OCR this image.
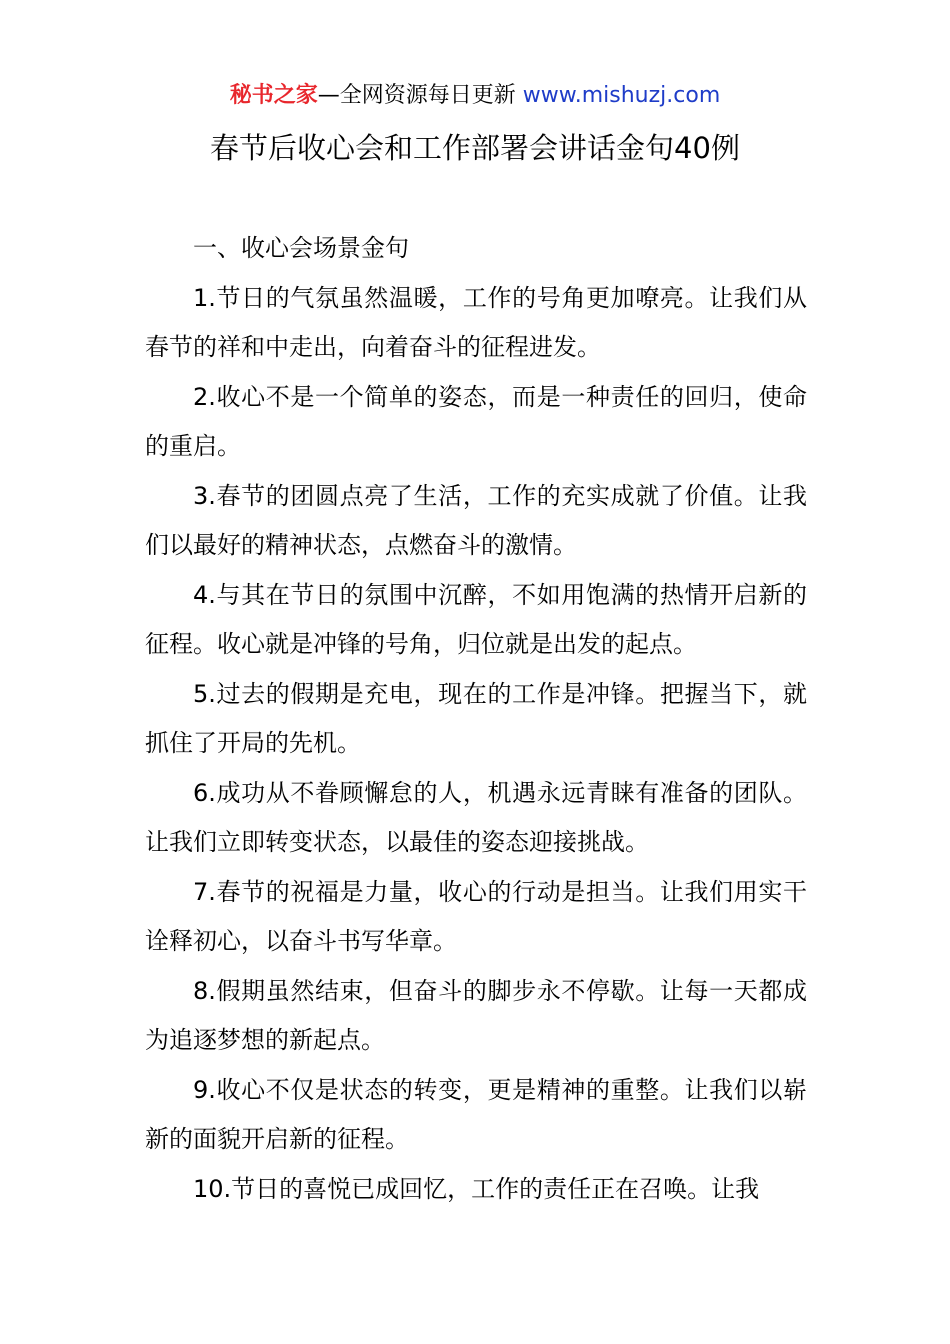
秘书之家—全网资源每日更新 www.mishuzj.com
春节后收心会和工作部署会讲话金句40例

一、收心会场景金句

1.节日的气氛虽然温暖，工作的号角更加嘹亮。让我们从春节的祥和中走出，向着奋斗的征程进发。

2.收心不是一个简单的姿态，而是一种责任的回归，使命的重启。

3.春节的团圆点亮了生活，工作的充实成就了价值。让我们以最好的精神状态，点燃奋斗的激情。

4.与其在节日的氛围中沉醉，不如用饱满的热情开启新的征程。收心就是冲锋的号角，归位就是出发的起点。

5.过去的假期是充电，现在的工作是冲锋。把握当下，就抓住了开局的先机。

6.成功从不眷顾懈怠的人，机遇永远青睐有准备的团队。让我们立即转变状态，以最佳的姿态迎接挑战。

7.春节的祝福是力量，收心的行动是担当。让我们用实干诠释初心，以奋斗书写华章。

8.假期虽然结束，但奋斗的脚步永不停歇。让每一天都成为追逐梦想的新起点。

9.收心不仅是状态的转变，更是精神的重整。让我们以崭新的面貌开启新的征程。

10.节日的喜悦已成回忆，工作的责任正在召唤。让我
